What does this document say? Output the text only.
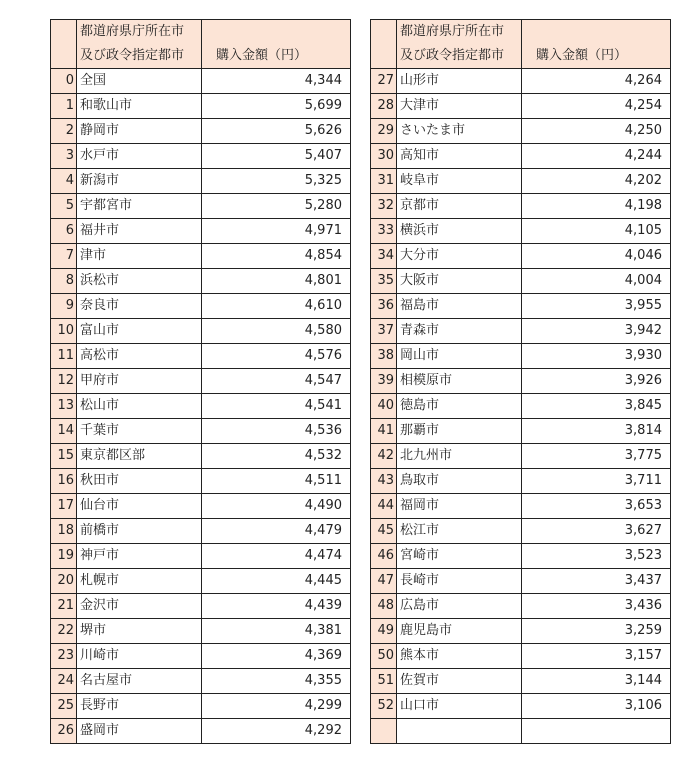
	都道府県庁所在市
及び政令指定都市	購入金額（円）
0	全国	4,344
1	和歌山市	5,699
2	静岡市	5,626
3	水戸市	5,407
4	新潟市	5,325
5	宇都宮市	5,280
6	福井市	4,971
7	津市	4,854
8	浜松市	4,801
9	奈良市	4,610
10	富山市	4,580
11	高松市	4,576
12	甲府市	4,547
13	松山市	4,541
14	千葉市	4,536
15	東京都区部	4,532
16	秋田市	4,511
17	仙台市	4,490
18	前橋市	4,479
19	神戸市	4,474
20	札幌市	4,445
21	金沢市	4,439
22	堺市	4,381
23	川崎市	4,369
24	名古屋市	4,355
25	長野市	4,299
26	盛岡市	4,292

	都道府県庁所在市
及び政令指定都市	購入金額（円）
27	山形市	4,264
28	大津市	4,254
29	さいたま市	4,250
30	高知市	4,244
31	岐阜市	4,202
32	京都市	4,198
33	横浜市	4,105
34	大分市	4,046
35	大阪市	4,004
36	福島市	3,955
37	青森市	3,942
38	岡山市	3,930
39	相模原市	3,926
40	徳島市	3,845
41	那覇市	3,814
42	北九州市	3,775
43	鳥取市	3,711
44	福岡市	3,653
45	松江市	3,627
46	宮崎市	3,523
47	長崎市	3,437
48	広島市	3,436
49	鹿児島市	3,259
50	熊本市	3,157
51	佐賀市	3,144
52	山口市	3,106
